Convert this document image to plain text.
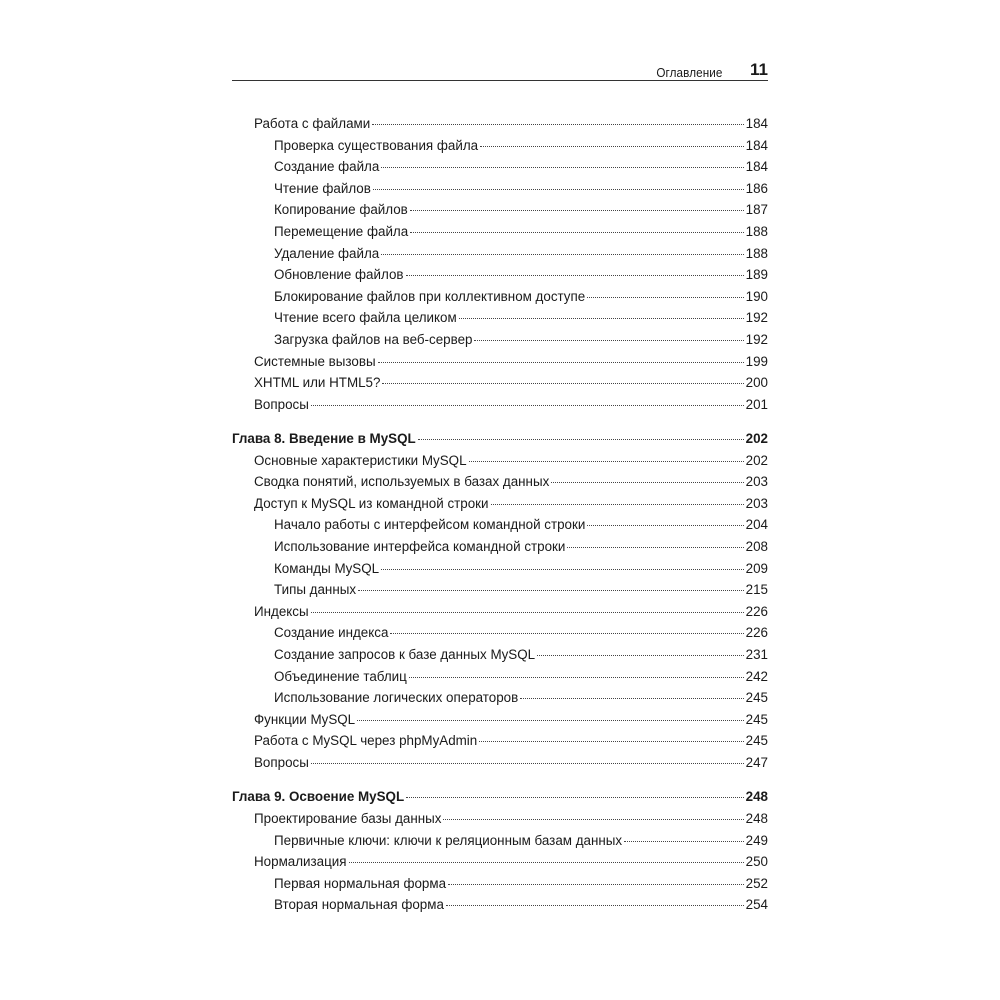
Оглавление 11
Работа с файлами	184
Проверка существования файла	184
Создание файла	184
Чтение файлов	186
Копирование файлов	187
Перемещение файла	188
Удаление файла	188
Обновление файлов	189
Блокирование файлов при коллективном доступе	190
Чтение всего файла целиком	192
Загрузка файлов на веб-сервер	192
Системные вызовы	199
XHTML или HTML5?	200
Вопросы	201
Глава 8. Введение в MySQL	202
Основные характеристики MySQL	202
Сводка понятий, используемых в базах данных	203
Доступ к MySQL из командной строки	203
Начало работы с интерфейсом командной строки	204
Использование интерфейса командной строки	208
Команды MySQL	209
Типы данных	215
Индексы	226
Создание индекса	226
Создание запросов к базе данных MySQL	231
Объединение таблиц	242
Использование логических операторов	245
Функции MySQL	245
Работа с MySQL через phpMyAdmin	245
Вопросы	247
Глава 9. Освоение MySQL	248
Проектирование базы данных	248
Первичные ключи: ключи к реляционным базам данных	249
Нормализация	250
Первая нормальная форма	252
Вторая нормальная форма	254
